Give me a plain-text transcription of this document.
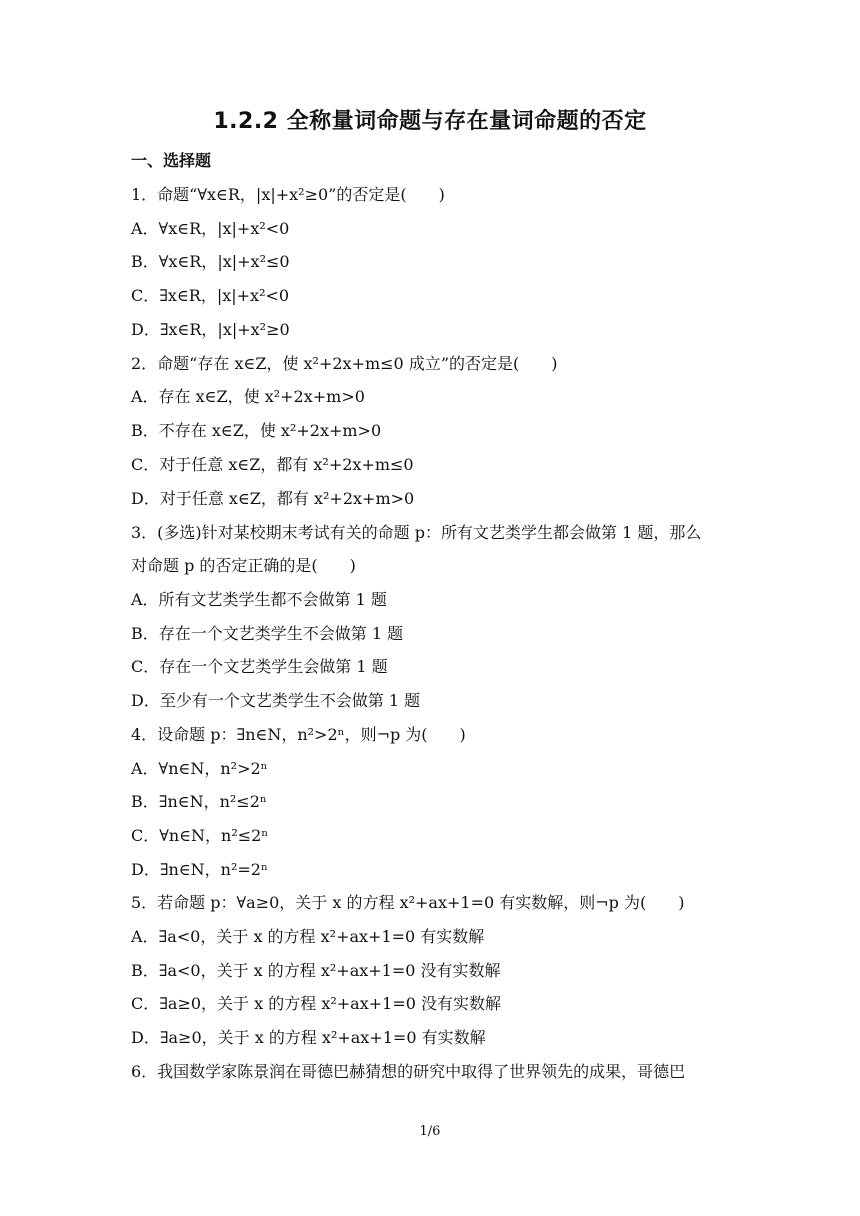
1.2.2 全称量词命题与存在量词命题的否定
一、选择题
1．命题“∀x∈R，|x|+x²≥0”的否定是(　　)
A．∀x∈R，|x|+x²<0
B．∀x∈R，|x|+x²≤0
C．∃x∈R，|x|+x²<0
D．∃x∈R，|x|+x²≥0
2．命题“存在 x∈Z，使 x²+2x+m≤0 成立”的否定是(　　)
A．存在 x∈Z，使 x²+2x+m>0
B．不存在 x∈Z，使 x²+2x+m>0
C．对于任意 x∈Z，都有 x²+2x+m≤0
D．对于任意 x∈Z，都有 x²+2x+m>0
3．(多选)针对某校期末考试有关的命题 p：所有文艺类学生都会做第 1 题，那么
对命题 p 的否定正确的是(　　)
A．所有文艺类学生都不会做第 1 题
B．存在一个文艺类学生不会做第 1 题
C．存在一个文艺类学生会做第 1 题
D．至少有一个文艺类学生不会做第 1 题
4．设命题 p：∃n∈N，n²>2ⁿ，则¬p 为(　　)
A．∀n∈N，n²>2ⁿ
B．∃n∈N，n²≤2ⁿ
C．∀n∈N，n²≤2ⁿ
D．∃n∈N，n²=2ⁿ
5．若命题 p：∀a≥0，关于 x 的方程 x²+ax+1=0 有实数解，则¬p 为(　　)
A．∃a<0，关于 x 的方程 x²+ax+1=0 有实数解
B．∃a<0，关于 x 的方程 x²+ax+1=0 没有实数解
C．∃a≥0，关于 x 的方程 x²+ax+1=0 没有实数解
D．∃a≥0，关于 x 的方程 x²+ax+1=0 有实数解
6．我国数学家陈景润在哥德巴赫猜想的研究中取得了世界领先的成果，哥德巴
1/6
